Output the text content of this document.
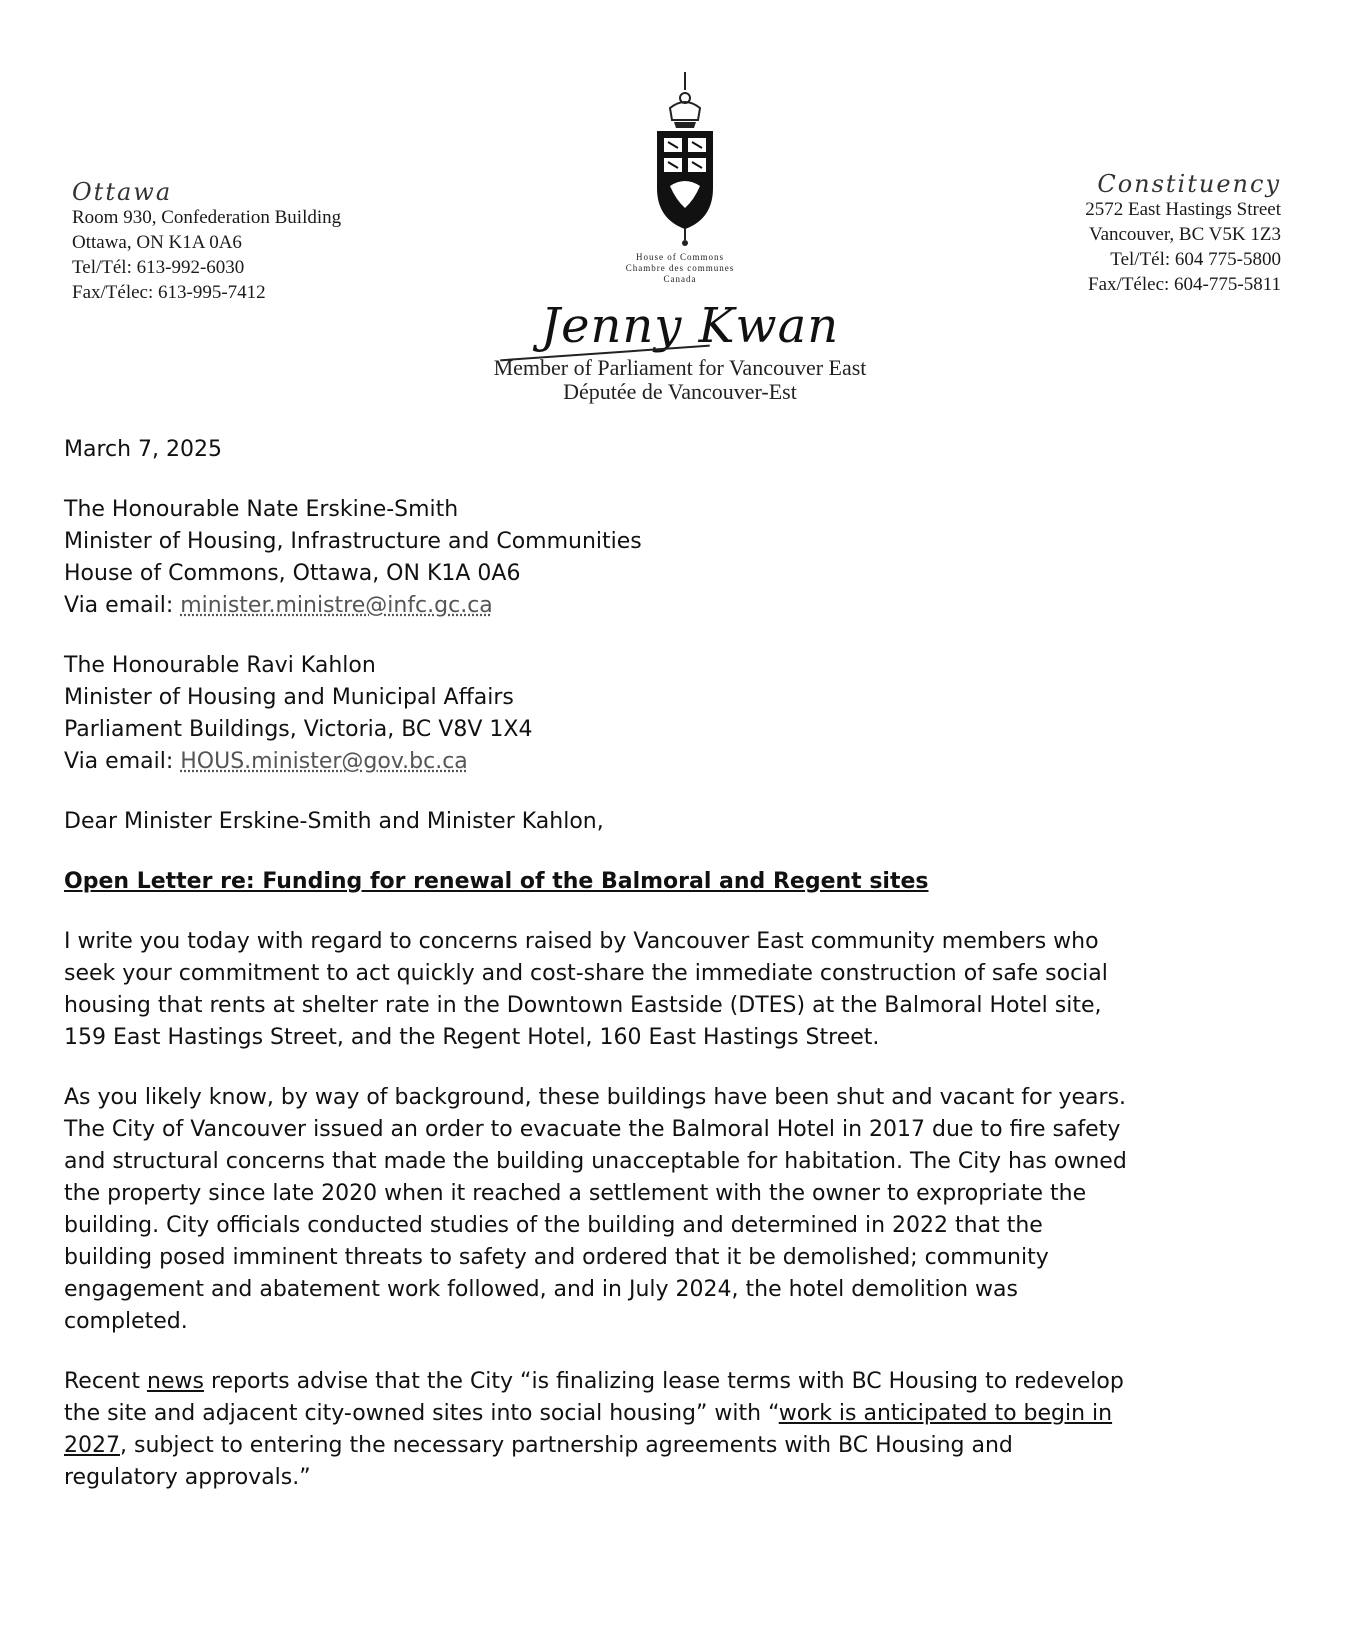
Ottawa
Room 930, Confederation Building
Ottawa, ON K1A 0A6
Tel/Tél: 613-992-6030
Fax/Télec: 613-995-7412
House of Commons
Chambre des communes
Canada
Jenny Kwan
Member of Parliament for Vancouver East
Députée de Vancouver-Est
Constituency
2572 East Hastings Street
Vancouver, BC V5K 1Z3
Tel/Tél: 604 775-5800
Fax/Télec: 604-775-5811
March 7, 2025
The Honourable Nate Erskine-Smith
Minister of Housing, Infrastructure and Communities
House of Commons, Ottawa, ON K1A 0A6
Via email: minister.ministre@infc.gc.ca
The Honourable Ravi Kahlon
Minister of Housing and Municipal Affairs
Parliament Buildings, Victoria, BC V8V 1X4
Via email: HOUS.minister@gov.bc.ca
Dear Minister Erskine-Smith and Minister Kahlon,
Open Letter re: Funding for renewal of the Balmoral and Regent sites
I write you today with regard to concerns raised by Vancouver East community members who
seek your commitment to act quickly and cost-share the immediate construction of safe social
housing that rents at shelter rate in the Downtown Eastside (DTES) at the Balmoral Hotel site,
159 East Hastings Street, and the Regent Hotel, 160 East Hastings Street.
As you likely know, by way of background, these buildings have been shut and vacant for years.
The City of Vancouver issued an order to evacuate the Balmoral Hotel in 2017 due to fire safety
and structural concerns that made the building unacceptable for habitation. The City has owned
the property since late 2020 when it reached a settlement with the owner to expropriate the
building. City officials conducted studies of the building and determined in 2022 that the
building posed imminent threats to safety and ordered that it be demolished; community
engagement and abatement work followed, and in July 2024, the hotel demolition was
completed.
Recent news reports advise that the City “is finalizing lease terms with BC Housing to redevelop
the site and adjacent city-owned sites into social housing” with “work is anticipated to begin in
2027, subject to entering the necessary partnership agreements with BC Housing and
regulatory approvals.”
